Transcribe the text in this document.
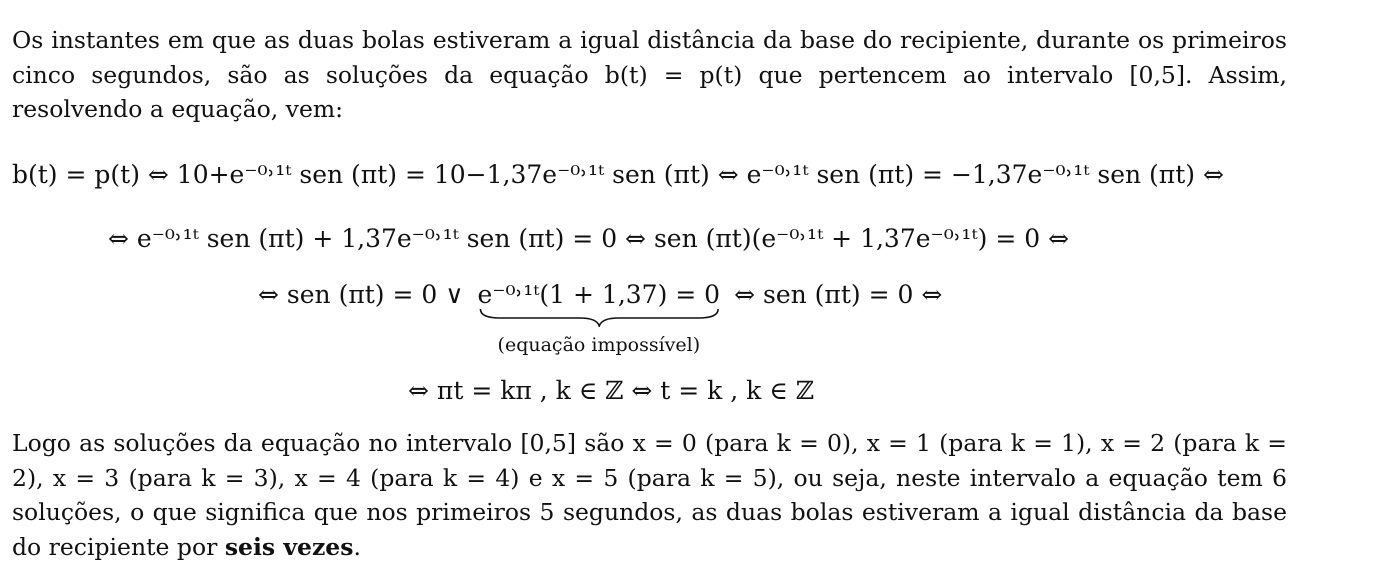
Os instantes em que as duas bolas estiveram a igual distância da base do recipiente, durante os primeiros cinco segundos, são as soluções da equação b(t) = p(t) que pertencem ao intervalo [0,5]. Assim, resolvendo a equação, vem:

b(t) = p(t) ⇔ 10+e⁻⁰˒¹ᵗ sen (πt) = 10−1,37e⁻⁰˒¹ᵗ sen (πt) ⇔ e⁻⁰˒¹ᵗ sen (πt) = −1,37e⁻⁰˒¹ᵗ sen (πt) ⇔
⇔ e⁻⁰˒¹ᵗ sen (πt) + 1,37e⁻⁰˒¹ᵗ sen (πt) = 0 ⇔ sen (πt)(e⁻⁰˒¹ᵗ + 1,37e⁻⁰˒¹ᵗ) = 0 ⇔
⇔ sen (πt) = 0 ∨ e⁻⁰˒¹ᵗ(1 + 1,37) = 0
(equação impossível)
⇔ sen (πt) = 0 ⇔
⇔ πt = kπ , k ∈ ℤ ⇔ t = k , k ∈ ℤ

Logo as soluções da equação no intervalo [0,5] são x = 0 (para k = 0), x = 1 (para k = 1), x = 2 (para k = 2), x = 3 (para k = 3), x = 4 (para k = 4) e x = 5 (para k = 5), ou seja, neste intervalo a equação tem 6 soluções, o que significa que nos primeiros 5 segundos, as duas bolas estiveram a igual distância da base do recipiente por seis vezes.
